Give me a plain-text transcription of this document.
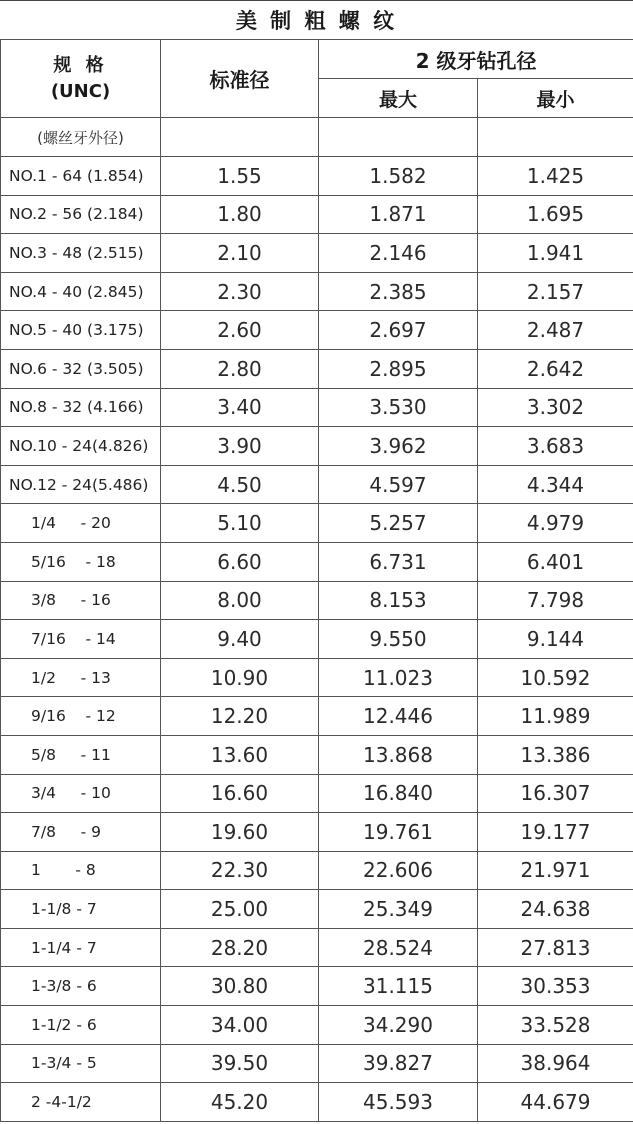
美 制 粗 螺 纹
规 格
(UNC)	标准径	2 级牙钻孔径	
		最大	最小
(螺丝牙外径)			
NO.1 - 64 (1.854)	1.55	1.582	1.425
NO.2 - 56 (2.184)	1.80	1.871	1.695
NO.3 - 48 (2.515)	2.10	2.146	1.941
NO.4 - 40 (2.845)	2.30	2.385	2.157
NO.5 - 40 (3.175)	2.60	2.697	2.487
NO.6 - 32 (3.505)	2.80	2.895	2.642
NO.8 - 32 (4.166)	3.40	3.530	3.302
NO.10 - 24(4.826)	3.90	3.962	3.683
NO.12 - 24(5.486)	4.50	4.597	4.344
1/4     - 20	5.10	5.257	4.979
5/16    - 18	6.60	6.731	6.401
3/8     - 16	8.00	8.153	7.798
7/16    - 14	9.40	9.550	9.144
1/2     - 13	10.90	11.023	10.592
9/16    - 12	12.20	12.446	11.989
5/8     - 11	13.60	13.868	13.386
3/4     - 10	16.60	16.840	16.307
7/8     - 9	19.60	19.761	19.177
1       - 8	22.30	22.606	21.971
1-1/8 - 7	25.00	25.349	24.638
1-1/4 - 7	28.20	28.524	27.813
1-3/8 - 6	30.80	31.115	30.353
1-1/2 - 6	34.00	34.290	33.528
1-3/4 - 5	39.50	39.827	38.964
2 -4-1/2	45.20	45.593	44.679
